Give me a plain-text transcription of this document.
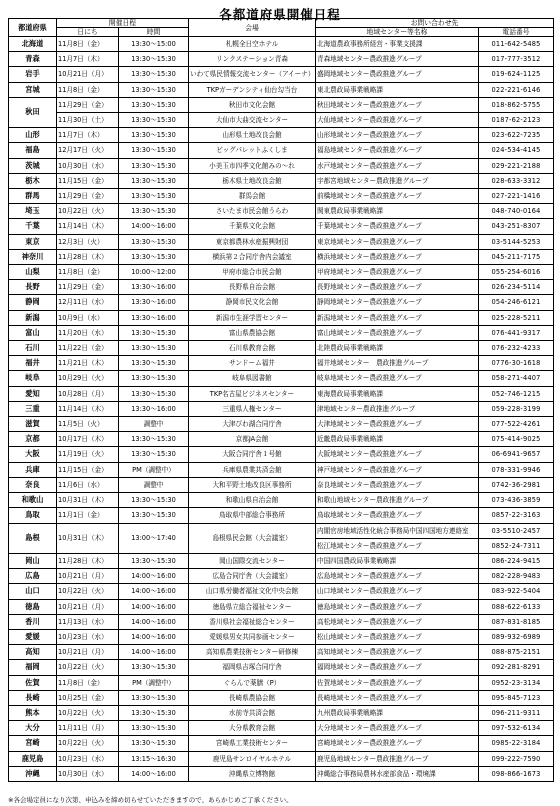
各都道府県開催日程
都道府県	開催日程		会場	お問い合わせ先	
	日にち	時間		地域センター等名称	電話番号
北海道	11月8日（金）	13:30～15:00	札幌全日空ホテル	北海道農政事務所経営・事業支援課	011-642-5485
青森	11月7日（木）	13:30～15:30	リンクステーション青森	青森地域センター農政推進グループ	017-777-3512
岩手	10月21日（月）	13:30～15:30	いわて県民情報交流センター（アイーナ）	盛岡地域センター農政推進グループ	019-624-1125
宮城	11月8日（金）	13:30～15:30	TKPガーデンシティ仙台勾当台	東北農政局事業戦略課	022-221-6146
秋田	11月29日（金）	13:30～15:30	秋田市文化会館	秋田地域センター農政推進グループ	018-862-5755
	11月30日（土）	13:30～15:30	大仙市大曲交流センター	大仙地域センター農政推進グループ	0187-62-2123
山形	11月7日（木）	13:30～15:30	山形県土地改良会館	山形地域センター農政推進グループ	023-622-7235
福島	12月17日（火）	13:30～15:30	ビッグパレットふくしま	福島地域センター農政推進グループ	024-534-4145
茨城	10月30日（水）	13:30～15:30	小美玉市四季文化館みの～れ	水戸地域センター農政推進グループ	029-221-2188
栃木	11月15日（金）	13:30～15:30	栃木県土地改良会館	宇都宮地域センター農政推進グループ	028-633-3312
群馬	11月29日（金）	13:30～15:30	群馬会館	前橋地域センター農政推進グループ	027-221-1416
埼玉	10月22日（火）	13:30～15:30	さいたま市民会館うらわ	関東農政局事業戦略課	048-740-0164
千葉	11月14日（木）	14:00～16:00	千葉県文化会館	千葉地域センター農政推進グループ	043-251-8307
東京	12月3日（火）	13:30～15:30	東京都農林水産振興財団	東京地域センター農政推進グループ	03-5144-5253
神奈川	11月28日（木）	13:30～15:30	横浜第２合同庁舎内会議室	横浜地域センター農政推進グループ	045-211-7175
山梨	11月8日（金）	10:00～12:00	甲府市総合市民会館	甲府地域センター農政推進グループ	055-254-6016
長野	11月29日（金）	13:30～16:00	長野県自治会館	長野地域センター農政推進グループ	026-234-5114
静岡	12月11日（水）	13:30～16:00	静岡市民文化会館	静岡地域センター農政推進グループ	054-246-6121
新潟	10月9日（水）	13:30～16:00	新潟市生涯学習センター	新潟地域センター農政推進グループ	025-228-5211
富山	11月20日（水）	13:30～15:30	富山県農協会館	富山地域センター農政推進グループ	076-441-9317
石川	11月22日（金）	13:30～15:30	石川県教育会館	北陸農政局事業戦略課	076-232-4233
福井	11月21日（木）	13:30～15:30	サンドーム福井	福井地域センター　農政推進グループ	0776-30-1618
岐阜	10月29日（火）	13:30～15:30	岐阜県図書館	岐阜地域センター農政推進グループ	058-271-4407
愛知	10月28日（月）	13:30～15:30	TKP名古屋ビジネスセンター	東海農政局事業戦略課	052-746-1215
三重	11月14日（木）	13:30～16:00	三重県人権センター	津地域センター農政推進グループ	059-228-3199
滋賀	11月5日（火）	調整中	大津びわ湖合同庁舎	大津地域センター農政推進グループ	077-522-4261
京都	10月17日（木）	13:30～15:30	京都JA会館	近畿農政局事業戦略課	075-414-9025
大阪	11月19日（火）	13:30～15:30	大阪合同庁舎１号館	大阪地域センター農政推進グループ	06-6941-9657
兵庫	11月15日（金）	PM（調整中）	兵庫県農業共済会館	神戸地域センター農政推進グループ	078-331-9946
奈良	11月6日（水）	調整中	大和平野土地改良区事務所	奈良地域センター農政推進グループ	0742-36-2981
和歌山	10月31日（木）	13:30～15:30	和歌山県自治会館	和歌山地域センター農政推進グループ	073-436-3859
鳥取	11月1日（金）	13:30～15:30	鳥取県中部総合事務所	鳥取地域センター農政推進グループ	0857-22-3163
島根	10月31日（木）	13:00～17:40	島根県民会館（大会議室）	内閣官房地域活性化統合事務局中国四国地方連絡室	03-5510-2457
				松江地域センター農政推進グループ	0852-24-7311
岡山	11月28日（木）	13:30～15:30	岡山国際交流センター	中国四国農政局事業戦略課	086-224-9415
広島	10月21日（月）	14:00～16:00	広島合同庁舎（大会議室）	広島地域センター農政推進グループ	082-228-9483
山口	10月22日（火）	14:00～16:00	山口県労働者福祉文化中央会館	山口地域センター農政推進グループ	083-922-5404
徳島	10月21日（月）	14:00～16:00	徳島県立総合福祉センター	徳島地域センター農政推進グループ	088-622-6133
香川	11月13日（水）	14:00～16:00	香川県社会福祉総合センター	高松地域センター農政推進グループ	087-831-8185
愛媛	10月23日（水）	14:00～16:00	愛媛県男女共同参画センター	松山地域センター農政推進グループ	089-932-6989
高知	10月21日（月）	14:00～16:00	高知県農業技術センター研修棟	高知地域センター農政推進グループ	088-875-2151
福岡	10月22日（火）	13:30～15:30	福岡県吉塚合同庁舎	福岡地域センター農政推進グループ	092-281-8291
佐賀	11月8日（金）	PM（調整中）	ぐらんで薬膳（P）	佐賀地域センター農政推進グループ	0952-23-3134
長崎	10月25日（金）	13:30～15:30	長崎県農協会館	長崎地域センター農政推進グループ	095-845-7123
熊本	10月22日（火）	13:30～15:30	水前寺共済会館	九州農政局事業戦略課	096-211-9311
大分	11月11日（月）	13:30～15:30	大分県教育会館	大分地域センター農政推進グループ	097-532-6134
宮崎	10月22日（火）	13:30～15:30	宮崎県工業技術センター	宮崎地域センター農政推進グループ	0985-22-3184
鹿児島	10月23日（水）	13:15～16:30	鹿児島サンロイヤルホテル	鹿児島地域センター農政推進グループ	099-222-7590
沖縄	10月30日（水）	14:00～16:00	沖縄県立博物館	沖縄総合事務局農林水産部食品・環境課	098-866-1673
※各会場定員になり次第、申込みを締め切らせていただきますので、あらかじめご了承ください。
